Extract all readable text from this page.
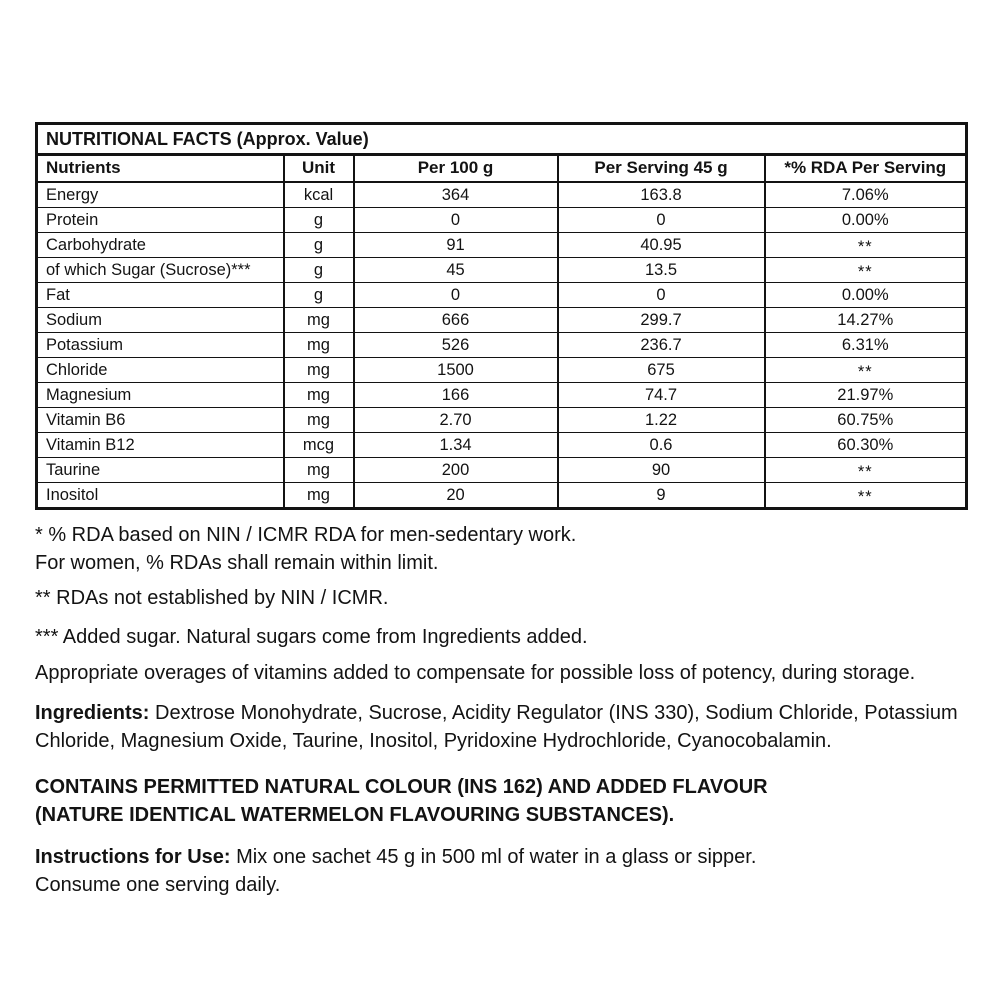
NUTRITIONAL FACTS (Approx. Value)				
Nutrients	Unit	Per 100 g	Per Serving 45 g	*% RDA Per Serving
Energy	kcal	364	163.8	7.06%
Protein	g	0	0	0.00%
Carbohydrate	g	91	40.95	**
of which Sugar (Sucrose)***	g	45	13.5	**
Fat	g	0	0	0.00%
Sodium	mg	666	299.7	14.27%
Potassium	mg	526	236.7	6.31%
Chloride	mg	1500	675	**
Magnesium	mg	166	74.7	21.97%
Vitamin B6	mg	2.70	1.22	60.75%
Vitamin B12	mcg	1.34	0.6	60.30%
Taurine	mg	200	90	**
Inositol	mg	20	9	**

* % RDA based on NIN / ICMR RDA for men-sedentary work.

For women, % RDAs shall remain within limit.

** RDAs not established by NIN / ICMR.

*** Added sugar. Natural sugars come from Ingredients added.

Appropriate overages of vitamins added to compensate for possible loss of potency, during storage.

Ingredients: Dextrose Monohydrate, Sucrose, Acidity Regulator (INS 330), Sodium Chloride, Potassium Chloride, Magnesium Oxide, Taurine, Inositol, Pyridoxine Hydrochloride, Cyanocobalamin.

CONTAINS PERMITTED NATURAL COLOUR (INS 162) AND ADDED FLAVOUR
(NATURE IDENTICAL WATERMELON FLAVOURING SUBSTANCES).
Instructions for Use: Mix one sachet 45 g in 500 ml of water in a glass or sipper.
Consume one serving daily.
